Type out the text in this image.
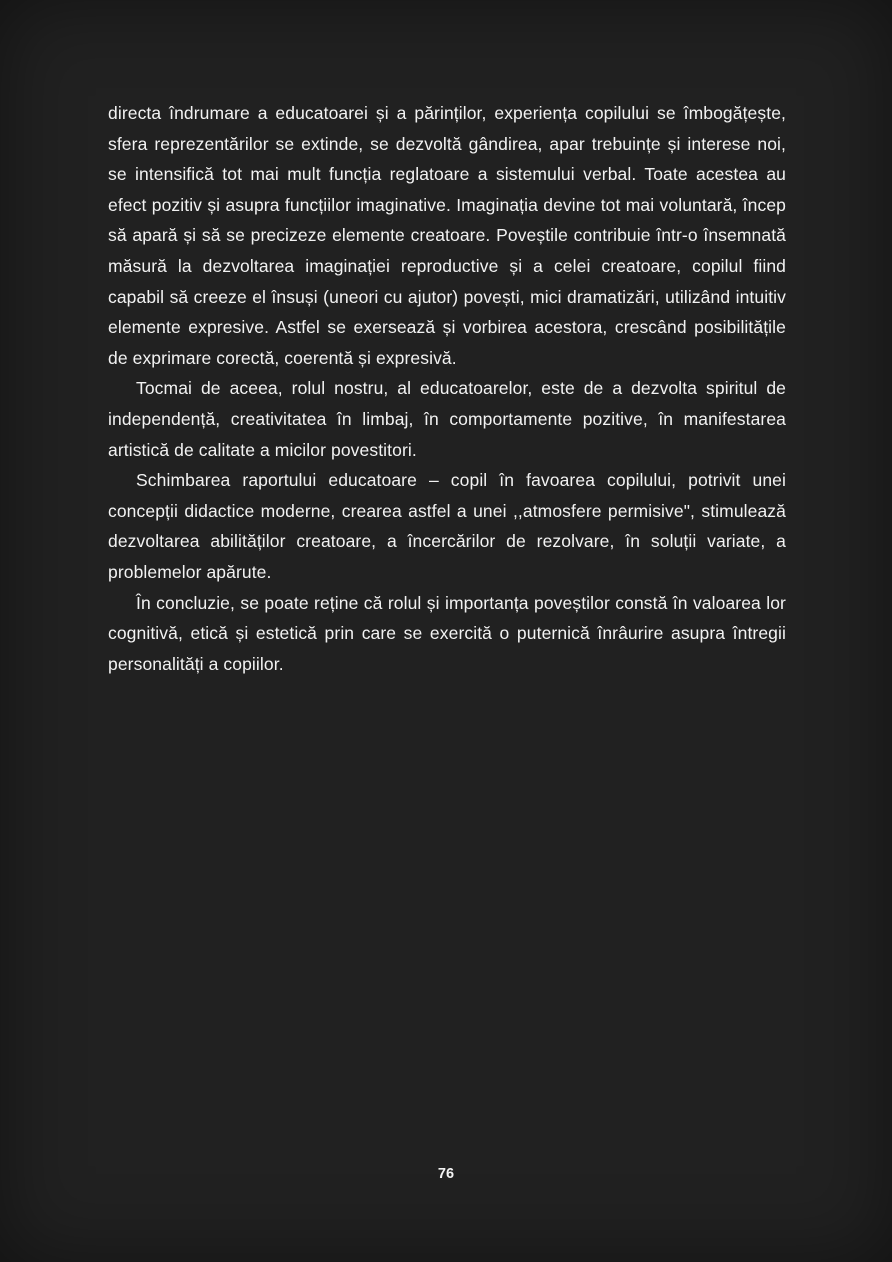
directa îndrumare a educatoarei și a părinților, experiența copilului se îmbogățește, sfera reprezentărilor se extinde, se dezvoltă gândirea, apar trebuințe și interese noi, se intensifică tot mai mult funcția reglatoare a sistemului verbal. Toate acestea au efect pozitiv și asupra funcțiilor imaginative. Imaginația devine tot mai voluntară, încep să apară și să se precizeze elemente creatoare. Poveștile contribuie într-o însemnată măsură la dezvoltarea imaginației reproductive și a celei creatoare, copilul fiind capabil să creeze el însuși (uneori cu ajutor) povești, mici dramatizări, utilizând intuitiv elemente expresive. Astfel se exersează și vorbirea acestora, crescând posibilitățile de exprimare corectă, coerentă și expresivă.

Tocmai de aceea, rolul nostru, al educatoarelor, este de a dezvolta spiritul de independență, creativitatea în limbaj, în comportamente pozitive, în manifestarea artistică de calitate a micilor povestitori.

Schimbarea raportului educatoare – copil în favoarea copilului, potrivit unei concepții didactice moderne, crearea astfel a unei ,,atmosfere permisive", stimulează dezvoltarea abilităților creatoare, a încercărilor de rezolvare, în soluții variate, a problemelor apărute.

În concluzie, se poate reține că rolul și importanța poveștilor constă în valoarea lor cognitivă, etică și estetică prin care se exercită o puternică înrâurire asupra întregii personalități a copiilor.

76
